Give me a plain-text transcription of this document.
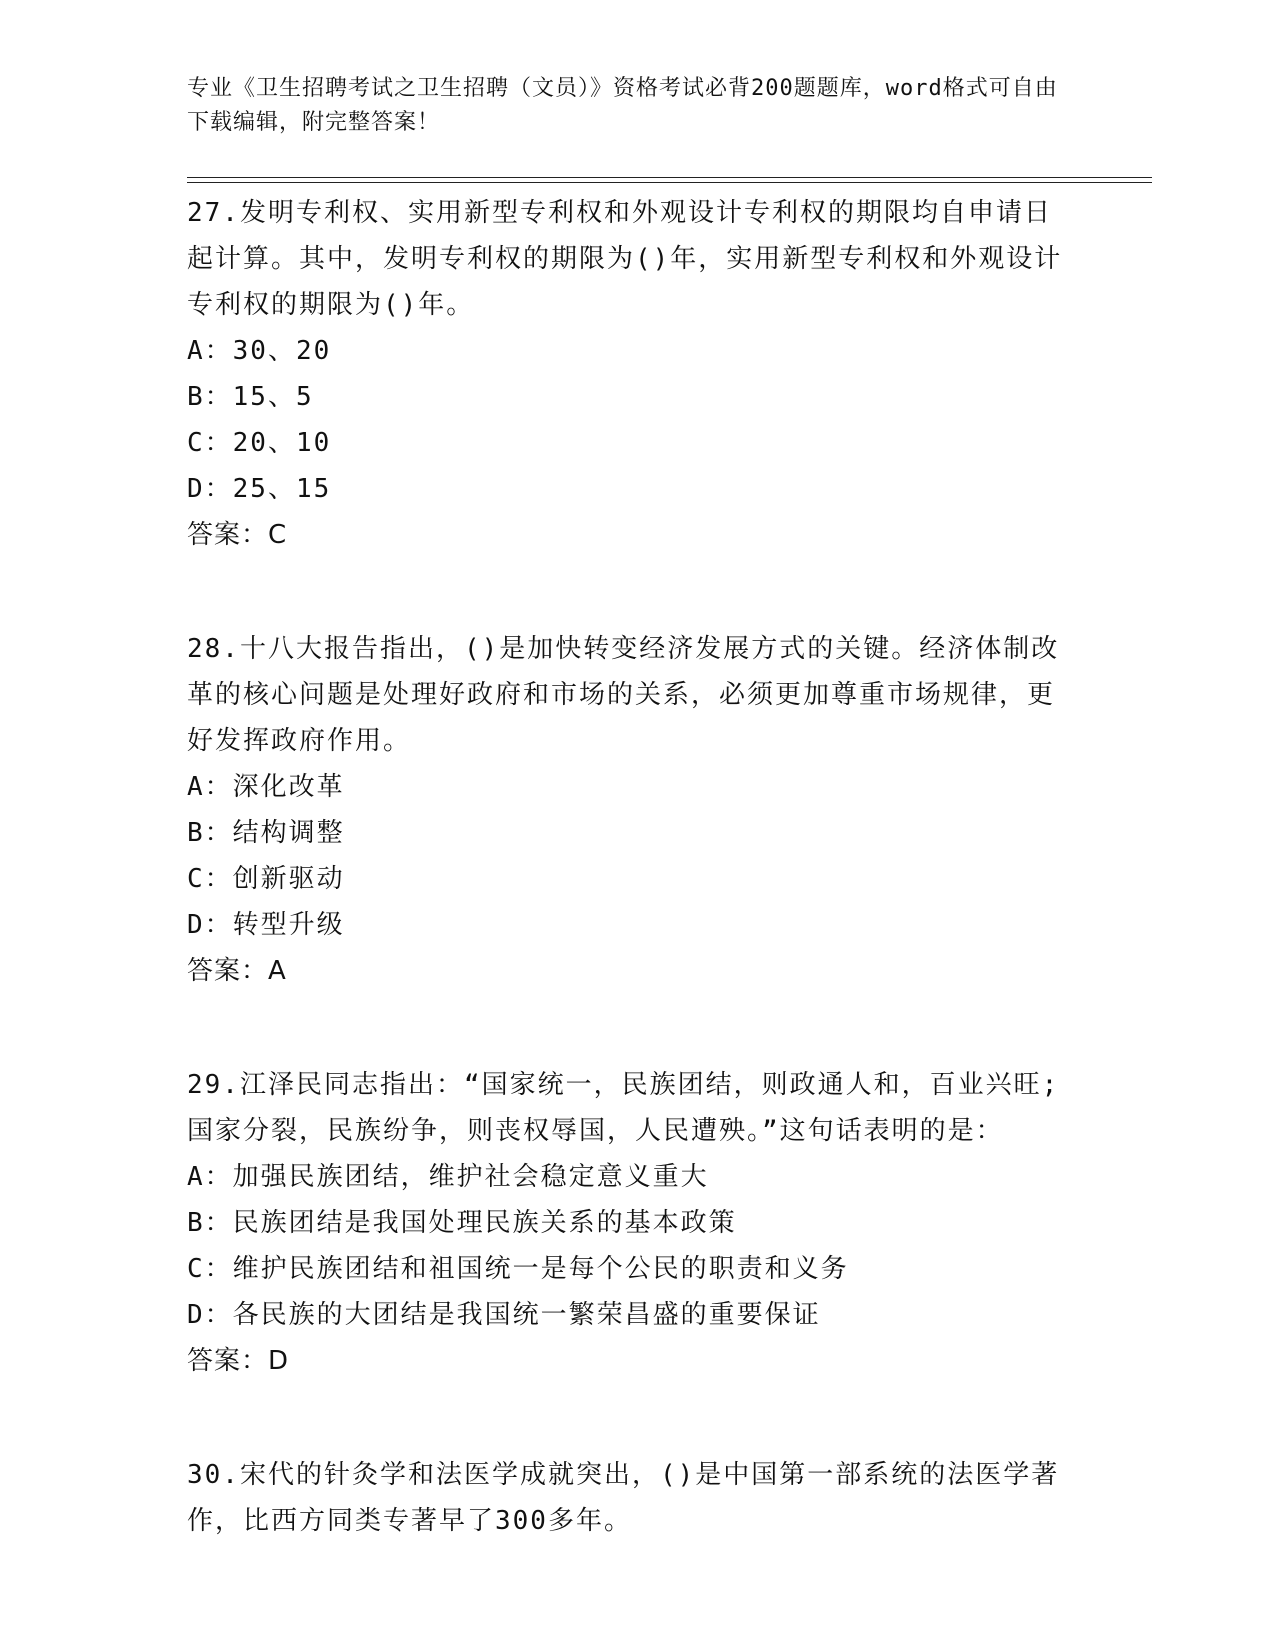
专业《卫生招聘考试之卫生招聘（文员）》资格考试必背200题题库，word格式可自由下载编辑，附完整答案！

27.发明专利权、实用新型专利权和外观设计专利权的期限均自申请日起计算。其中，发明专利权的期限为()年，实用新型专利权和外观设计专利权的期限为()年。

A：30、20

B：15、5

C：20、10

D：25、15

答案：C

28.十八大报告指出，()是加快转变经济发展方式的关键。经济体制改革的核心问题是处理好政府和市场的关系，必须更加尊重市场规律，更好发挥政府作用。

A：深化改革

B：结构调整

C：创新驱动

D：转型升级

答案：A

29.江泽民同志指出：“国家统一，民族团结，则政通人和，百业兴旺;国家分裂，民族纷争，则丧权辱国，人民遭殃。”这句话表明的是：

A：加强民族团结，维护社会稳定意义重大

B：民族团结是我国处理民族关系的基本政策

C：维护民族团结和祖国统一是每个公民的职责和义务

D：各民族的大团结是我国统一繁荣昌盛的重要保证

答案：D

30.宋代的针灸学和法医学成就突出，()是中国第一部系统的法医学著作，比西方同类专著早了300多年。
